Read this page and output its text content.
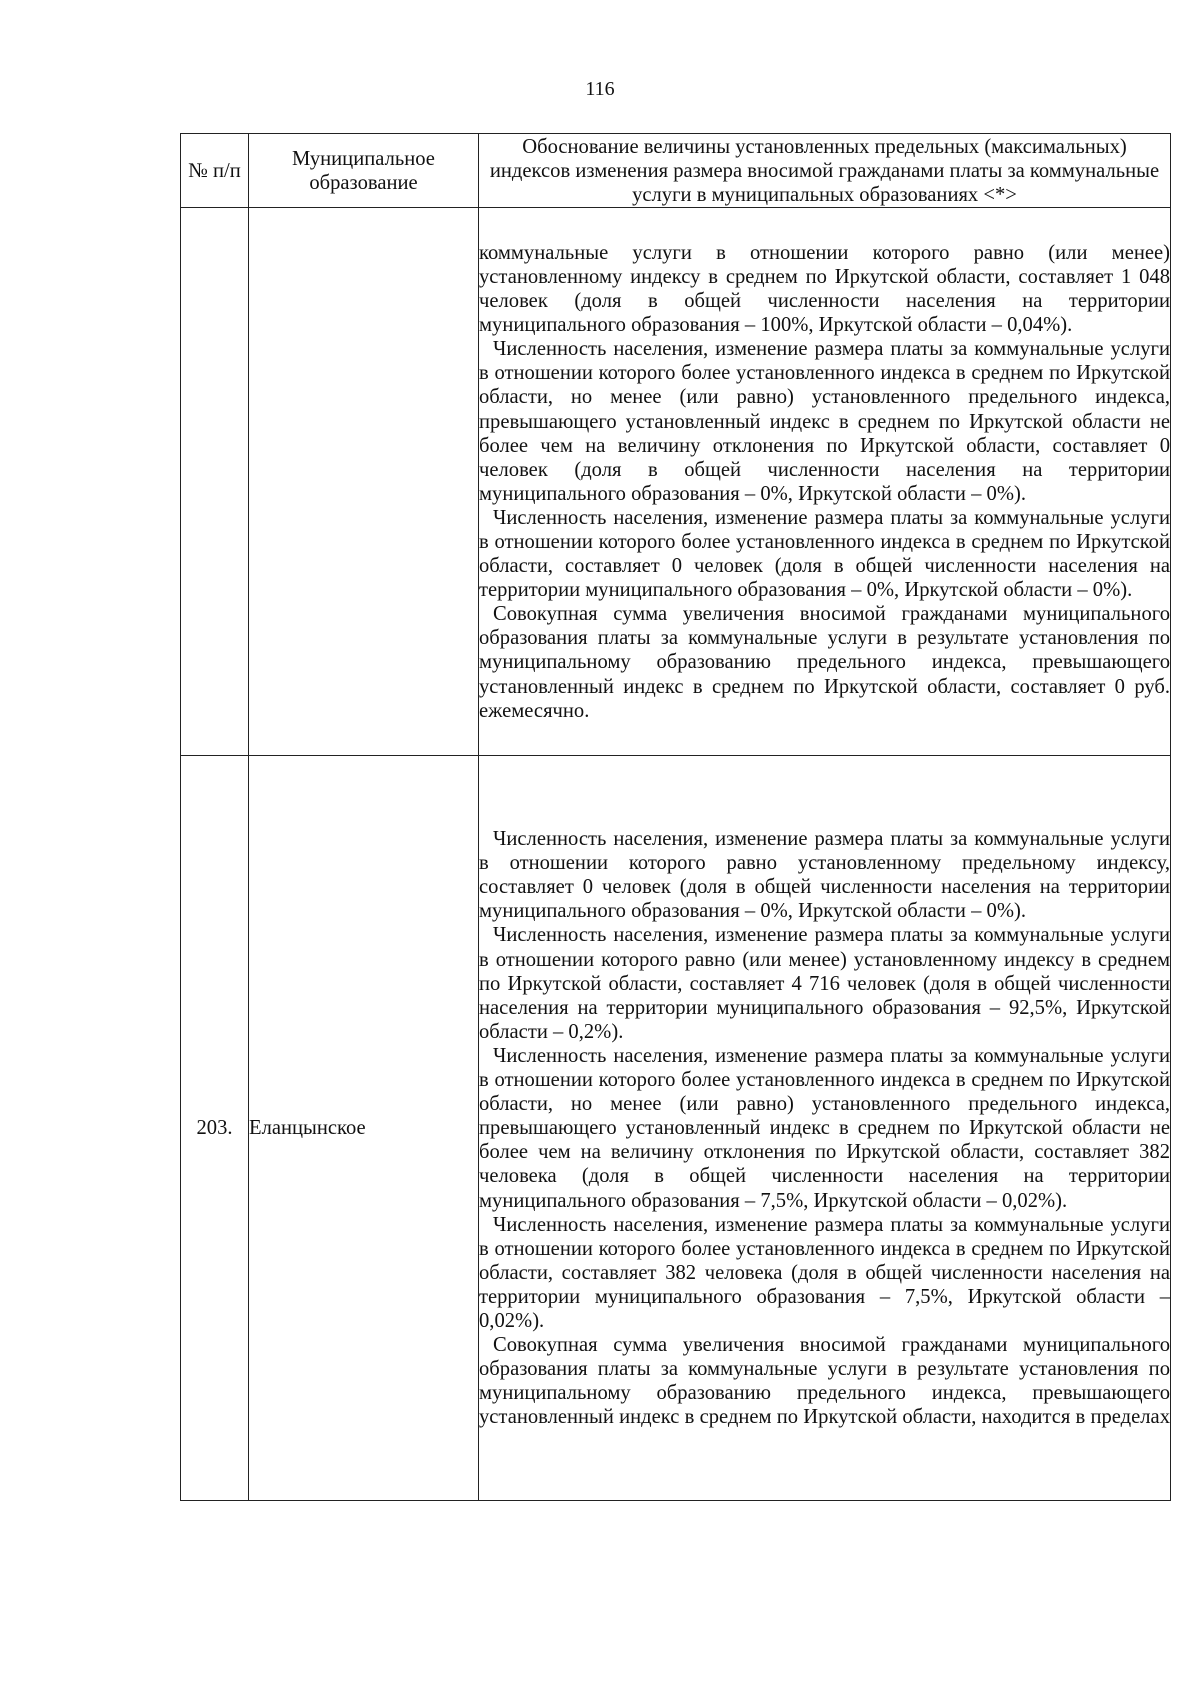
116
№ п/п	Муниципальное образование	Обоснование величины установленных предельных (максимальных) индексов изменения размера вносимой гражданами платы за коммунальные услуги в муниципальных образованиях <*>

		коммунальные услуги в отношении которого равно (или менее) установленному индексу в среднем по Иркутской области, составляет 1 048 человек (доля в общей численности населения на территории муниципального образования – 100%, Иркутской области – 0,04%).

Численность населения, изменение размера платы за коммунальные услуги в отношении которого более установленного индекса в среднем по Иркутской области, но менее (или равно) установленного предельного индекса, превышающего установленный индекс в среднем по Иркутской области не более чем на величину отклонения по Иркутской области, составляет 0 человек (доля в общей численности населения на территории муниципального образования – 0%, Иркутской области – 0%).

Численность населения, изменение размера платы за коммунальные услуги в отношении которого более установленного индекса в среднем по Иркутской области, составляет 0 человек (доля в общей численности населения на территории муниципального образования – 0%, Иркутской области – 0%).

Совокупная сумма увеличения вносимой гражданами муниципального образования платы за коммунальные услуги в результате установления по муниципальному образованию предельного индекса, превышающего установленный индекс в среднем по Иркутской области, составляет 0 руб. ежемесячно.

203.	Еланцынское	Численность населения, изменение размера платы за коммунальные услуги в отношении которого равно установленному предельному индексу, составляет 0 человек (доля в общей численности населения на территории муниципального образования – 0%, Иркутской области – 0%).

Численность населения, изменение размера платы за коммунальные услуги в отношении которого равно (или менее) установленному индексу в среднем по Иркутской области, составляет 4 716 человек (доля в общей численности населения на территории муниципального образования – 92,5%, Иркутской области – 0,2%).

Численность населения, изменение размера платы за коммунальные услуги в отношении которого более установленного индекса в среднем по Иркутской области, но менее (или равно) установленного предельного индекса, превышающего установленный индекс в среднем по Иркутской области не более чем на величину отклонения по Иркутской области, составляет 382 человека (доля в общей численности населения на территории муниципального образования – 7,5%, Иркутской области – 0,02%).

Численность населения, изменение размера платы за коммунальные услуги в отношении которого более установленного индекса в среднем по Иркутской области, составляет 382 человека (доля в общей численности населения на территории муниципального образования – 7,5%, Иркутской области – 0,02%).

Совокупная сумма увеличения вносимой гражданами муниципального образования платы за коммунальные услуги в результате установления по муниципальному образованию предельного индекса, превышающего установленный индекс в среднем по Иркутской области, находится в пределах
